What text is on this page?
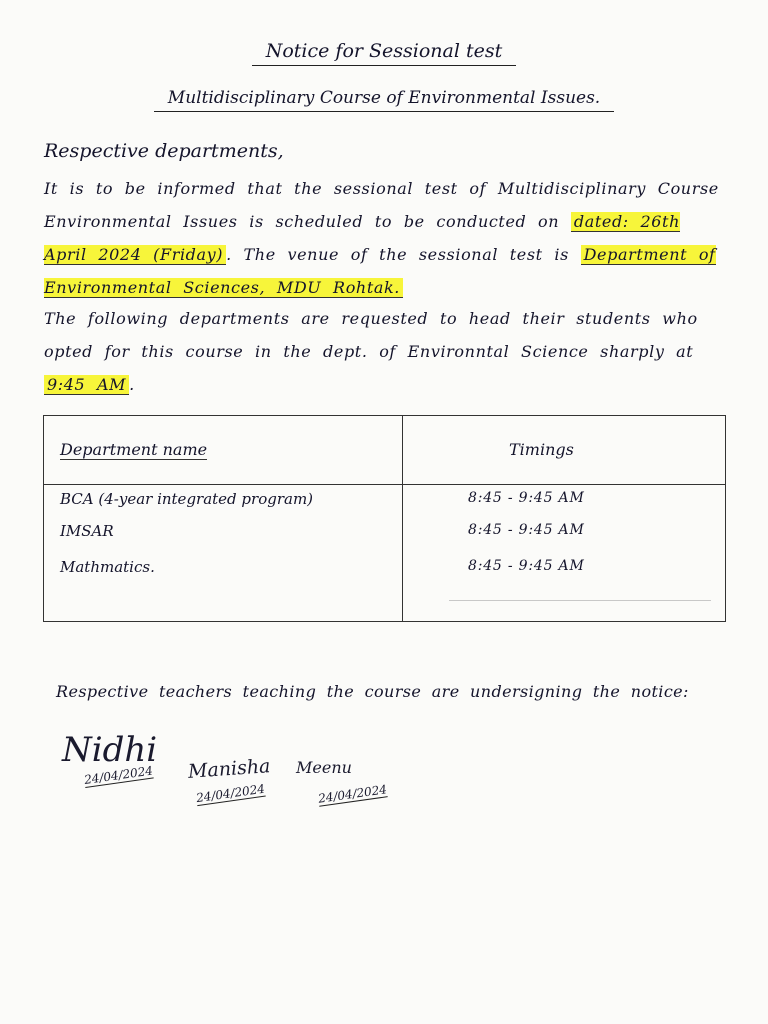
Notice for Sessional test
Multidisciplinary Course of Environmental Issues.
Respective departments,
It is to be informed that the sessional test of Multidisciplinary Course Environmental Issues is scheduled to be conducted on dated: 26th April 2024 (Friday) . The venue of the sessional test is Department of Environmental Sciences, MDU Rohtak.
The following departments are requested to head their students who opted for this course in the dept. of Environntal Science sharply at 9:45 AM .
Department name	Timings
BCA (4-year integrated program)	8:45 - 9:45 AM
IMSAR	8:45 - 9:45 AM
Mathmatics.	8:45 - 9:45 AM
Respective teachers teaching the course are undersigning the notice:
Nidhi
24/04/2024 Manisha
24/04/2024
Meenu
24/04/2024
